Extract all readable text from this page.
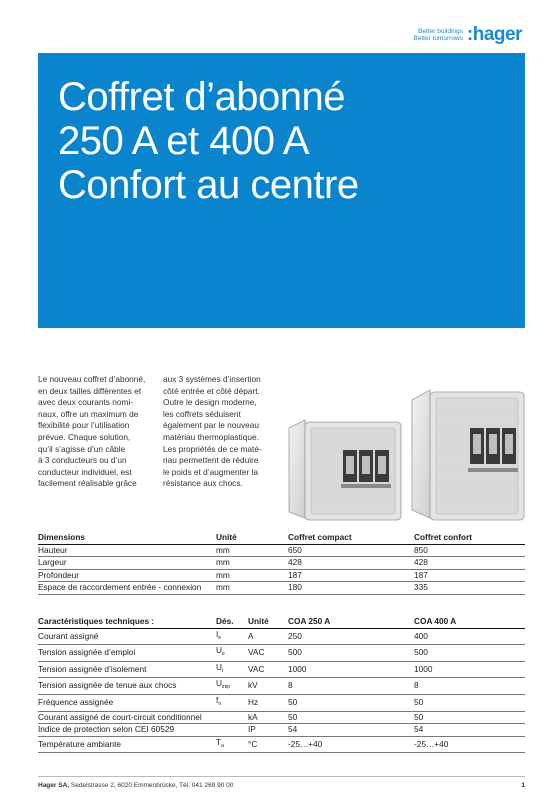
Better buildings
Better tomorrows :hager
Coffret d’abonné
250 A et 400 A
Confort au centre
Le nouveau coffret d’abonné,
en deux tailles différentes et
avec deux courants nomi-
naux, offre un maximum de
flexibilité pour l’utilisation
prévue. Chaque solution,
qu’il s’agisse d’un câble
à 3 conducteurs ou d’un
conducteur individuel, est
facilement réalisable grâce
aux 3 systèmes d’insertion
côté entrée et côté départ.
Outre le design moderne,
les coffrets séduisent
également par le nouveau
matériau thermoplastique.
Les propriétés de ce maté-
riau permettent de réduire
le poids et d’augmenter la
résistance aux chocs.
Dimensions	Unité	Coffret compact	Coffret confort
Hauteur	mm	650	850
Largeur	mm	428	428
Profondeur	mm	187	187
Espace de raccordement entrée - connexion	mm	180	335
Caractéristiques techniques :	Dés.	Unité	COA 250 A	COA 400 A
Courant assigné	$I_e$	A	250	400
Tension assignée d’emploi	$U_e$	VAC	500	500
Tension assignée d’isolement	$U_i$	VAC	1000	1000
Tension assignée de tenue aux chocs	$U_{imp}$	kV	8	8
Fréquence assignée	$f_n$	Hz	50	50
Courant assigné de court-circuit conditionnel		kA	50	50
Indice de protection selon CEI 60529		IP	54	54
Température ambiante	$T_a$	°C	-25…+40	-25…+40
Hager SA, Sedelstrasse 2, 6020 Emmenbrücke, Tél. 041 269 90 00	1
